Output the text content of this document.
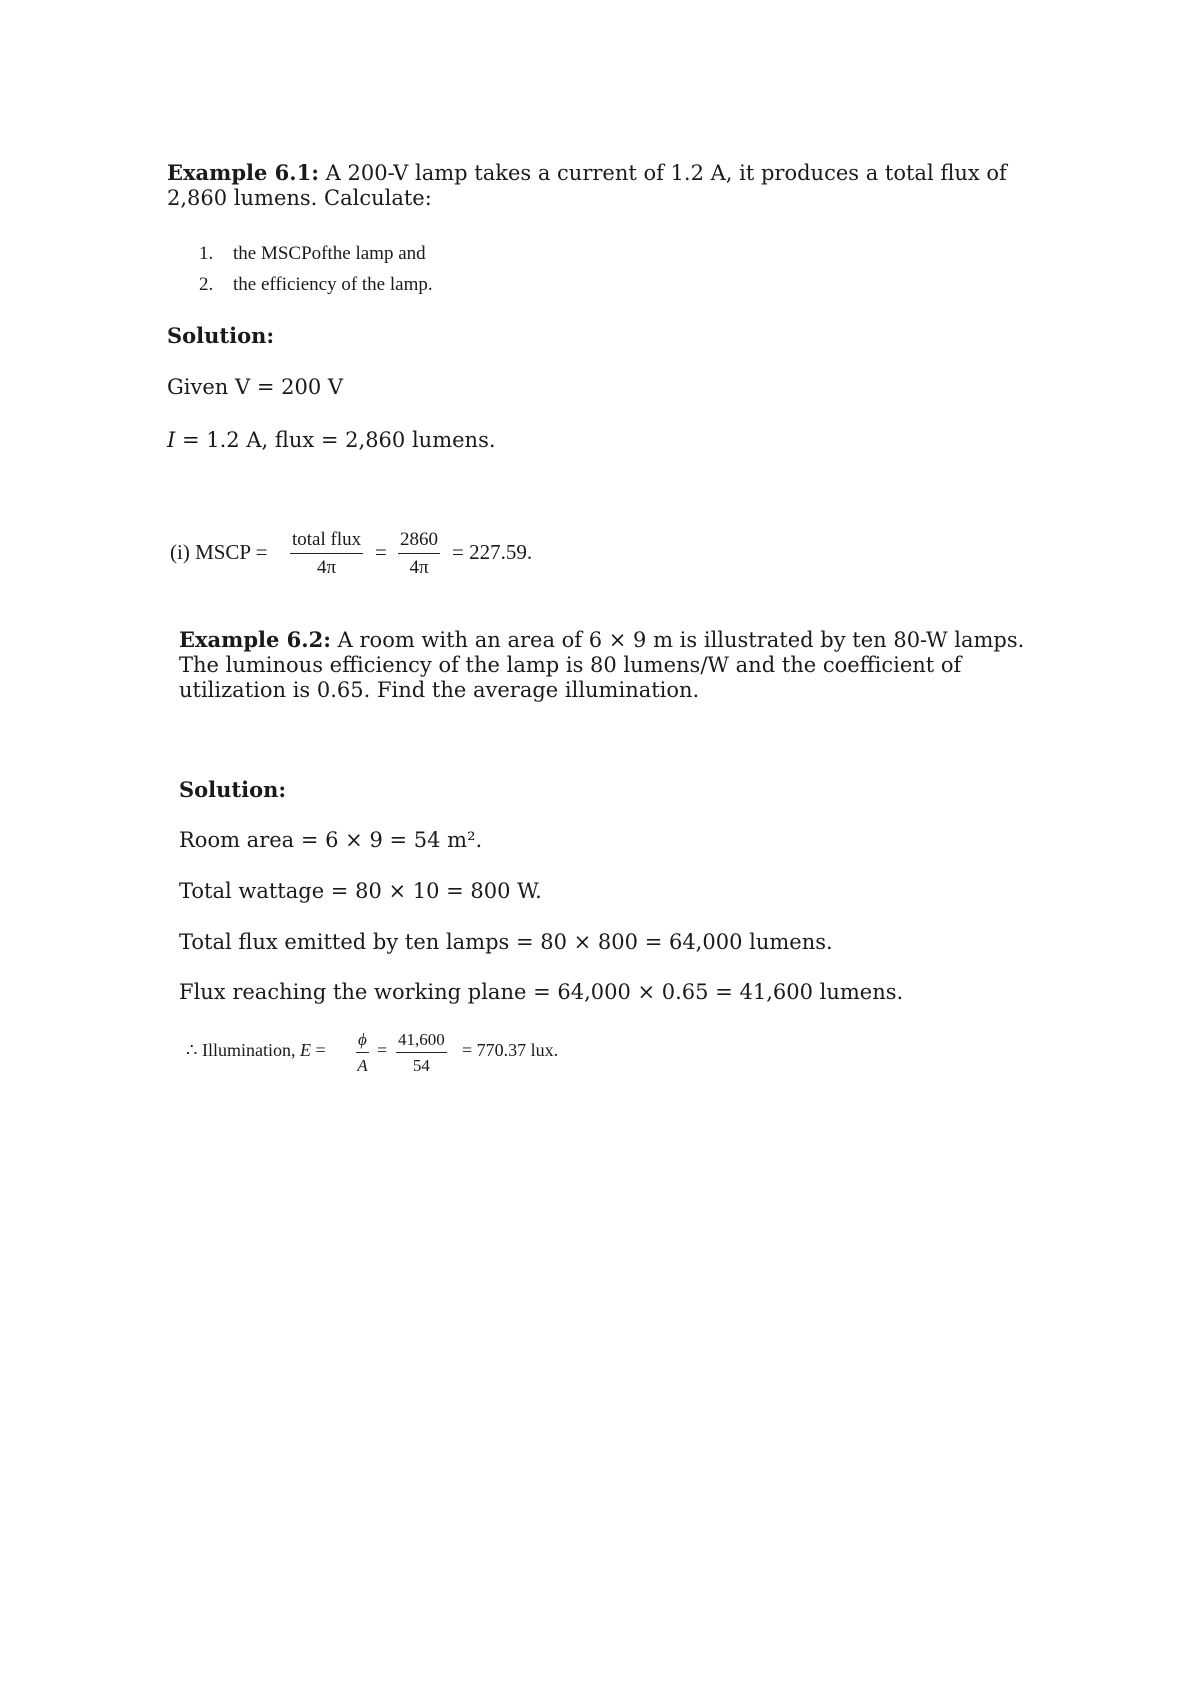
Example 6.1: A 200-V lamp takes a current of 1.2 A, it produces a total flux of 2,860 lumens. Calculate:
1. the MSCPofthe lamp and
2. the efficiency of the lamp.
Solution:
Given V = 200 V
I = 1.2 A, flux = 2,860 lumens.
(i) MSCP =
total flux
4π
= $\frac{2860}{4\pi} = 227.59$.
Example 6.2: A room with an area of 6 × 9 m is illustrated by ten 80-W lamps. The luminous efficiency of the lamp is 80 lumens/W and the coefficient of utilization is 0.65. Find the average illumination.
Solution:
Room area = 6 × 9 = 54 m².
Total wattage = 80 × 10 = 800 W.
Total flux emitted by ten lamps = 80 × 800 = 64,000 lumens.
Flux reaching the working plane = 64,000 × 0.65 = 41,600 lumens.
∴ Illumination, $E = \frac{\phi}{A} = \frac{41,600}{54} = 770.37$ lux.
